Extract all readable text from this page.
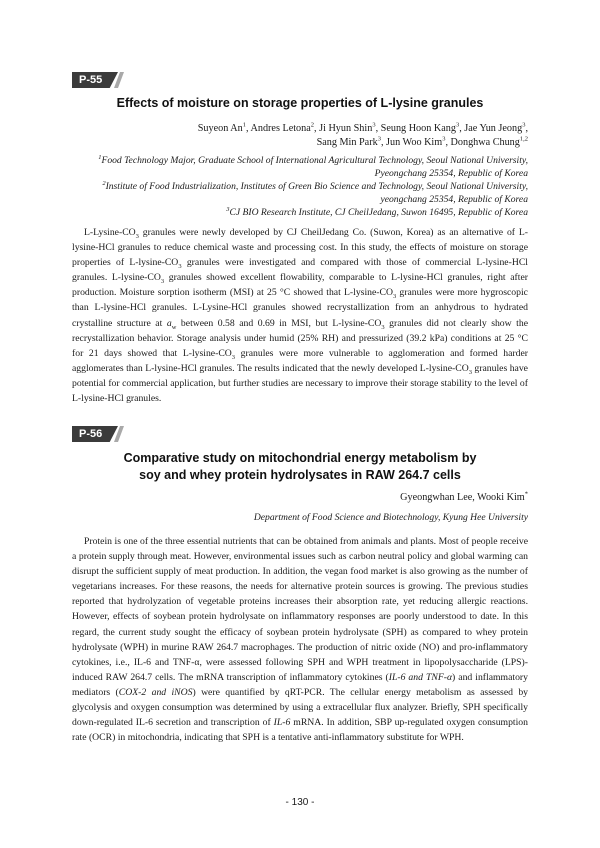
P-55
Effects of moisture on storage properties of L-lysine granules
Suyeon An$^1$, Andres Letona$^2$, Ji Hyun Shin$^3$, Seung Hoon Kang$^3$, Jae Yun Jeong$^3$,
Sang Min Park$^3$, Jun Woo Kim$^3$, Donghwa Chung$^{1,2}$
$^1$Food Technology Major, Graduate School of International Agricultural Technology, Seoul National University,
Pyeongchang 25354, Republic of Korea
$^2$Institute of Food Industrialization, Institutes of Green Bio Science and Technology, Seoul National University,
yeongchang 25354, Republic of Korea
$^3$CJ BIO Research Institute, CJ CheilJedang, Suwon 16495, Republic of Korea

$L-Lysine-CO_3$ granules were newly developed by CJ CheilJedang Co. (Suwon, Korea) as an alternative of L-lysine-HCl granules to reduce chemical waste and processing cost. In this study, the effects of moisture on storage properties of $L-lysine-CO_3$ granules were investigated and compared with those of commercial L-lysine-HCl granules. $L-lysine-CO_3$ granules showed excellent flowability, comparable to L-lysine-HCl granules, right after production. Moisture sorption isotherm (MSI) at 25 °C showed that $L-lysine-CO_3$ granules were more hygroscopic than L-lysine-HCl granules. L-Lysine-HCl granules showed recrystallization from an anhydrous to hydrated crystalline structure at $a_w$ between 0.58 and 0.69 in MSI, but $L-lysine-CO_3$ granules did not clearly show the recrystallization behavior. Storage analysis under humid (25% RH) and pressurized (39.2 kPa) conditions at 25 °C for 21 days showed that $L-lysine-CO_3$ granules were more vulnerable to agglomeration and formed harder agglomerates than L-lysine-HCl granules. The results indicated that the newly developed $L-lysine-CO_3$ granules have potential for commercial application, but further studies are necessary to improve their storage stability to the level of L-lysine-HCl granules.

P-56
Comparative study on mitochondrial energy metabolism by
soy and whey protein hydrolysates in RAW 264.7 cells
Gyeongwhan Lee, Wooki Kim*
Department of Food Science and Biotechnology, Kyung Hee University

Protein is one of the three essential nutrients that can be obtained from animals and plants. Most of people receive a protein supply through meat. However, environmental issues such as carbon neutral policy and global warming can disrupt the sufficient supply of meat production. In addition, the vegan food market is also growing as the number of vegetarians increases. For these reasons, the needs for alternative protein sources is growing. The previous studies reported that hydrolyzation of vegetable proteins increases their absorption rate, yet reducing allergic reactions. However, effects of soybean protein hydrolysate on inflammatory responses are poorly understood to date. In this regard, the current study sought the efficacy of soybean protein hydrolysate (SPH) as compared to whey protein hydrolysate (WPH) in murine RAW 264.7 macrophages. The production of nitric oxide (NO) and pro-inflammatory cytokines, i.e., IL-6 and TNF-α, were assessed following SPH and WPH treatment in lipopolysaccharide (LPS)-induced RAW 264.7 cells. The mRNA transcription of inflammatory cytokines (IL-6 and TNF-α) and inflammatory mediators (COX-2 and iNOS) were quantified by qRT-PCR. The cellular energy metabolism as assessed by glycolysis and oxygen consumption was determined by using a extracellular flux analyzer. Briefly, SPH specifically down-regulated IL-6 secretion and transcription of IL-6 mRNA. In addition, SBP up-regulated oxygen consumption rate (OCR) in mitochondria, indicating that SPH is a tentative anti-inflammatory substitute for WPH.

- 130 -
